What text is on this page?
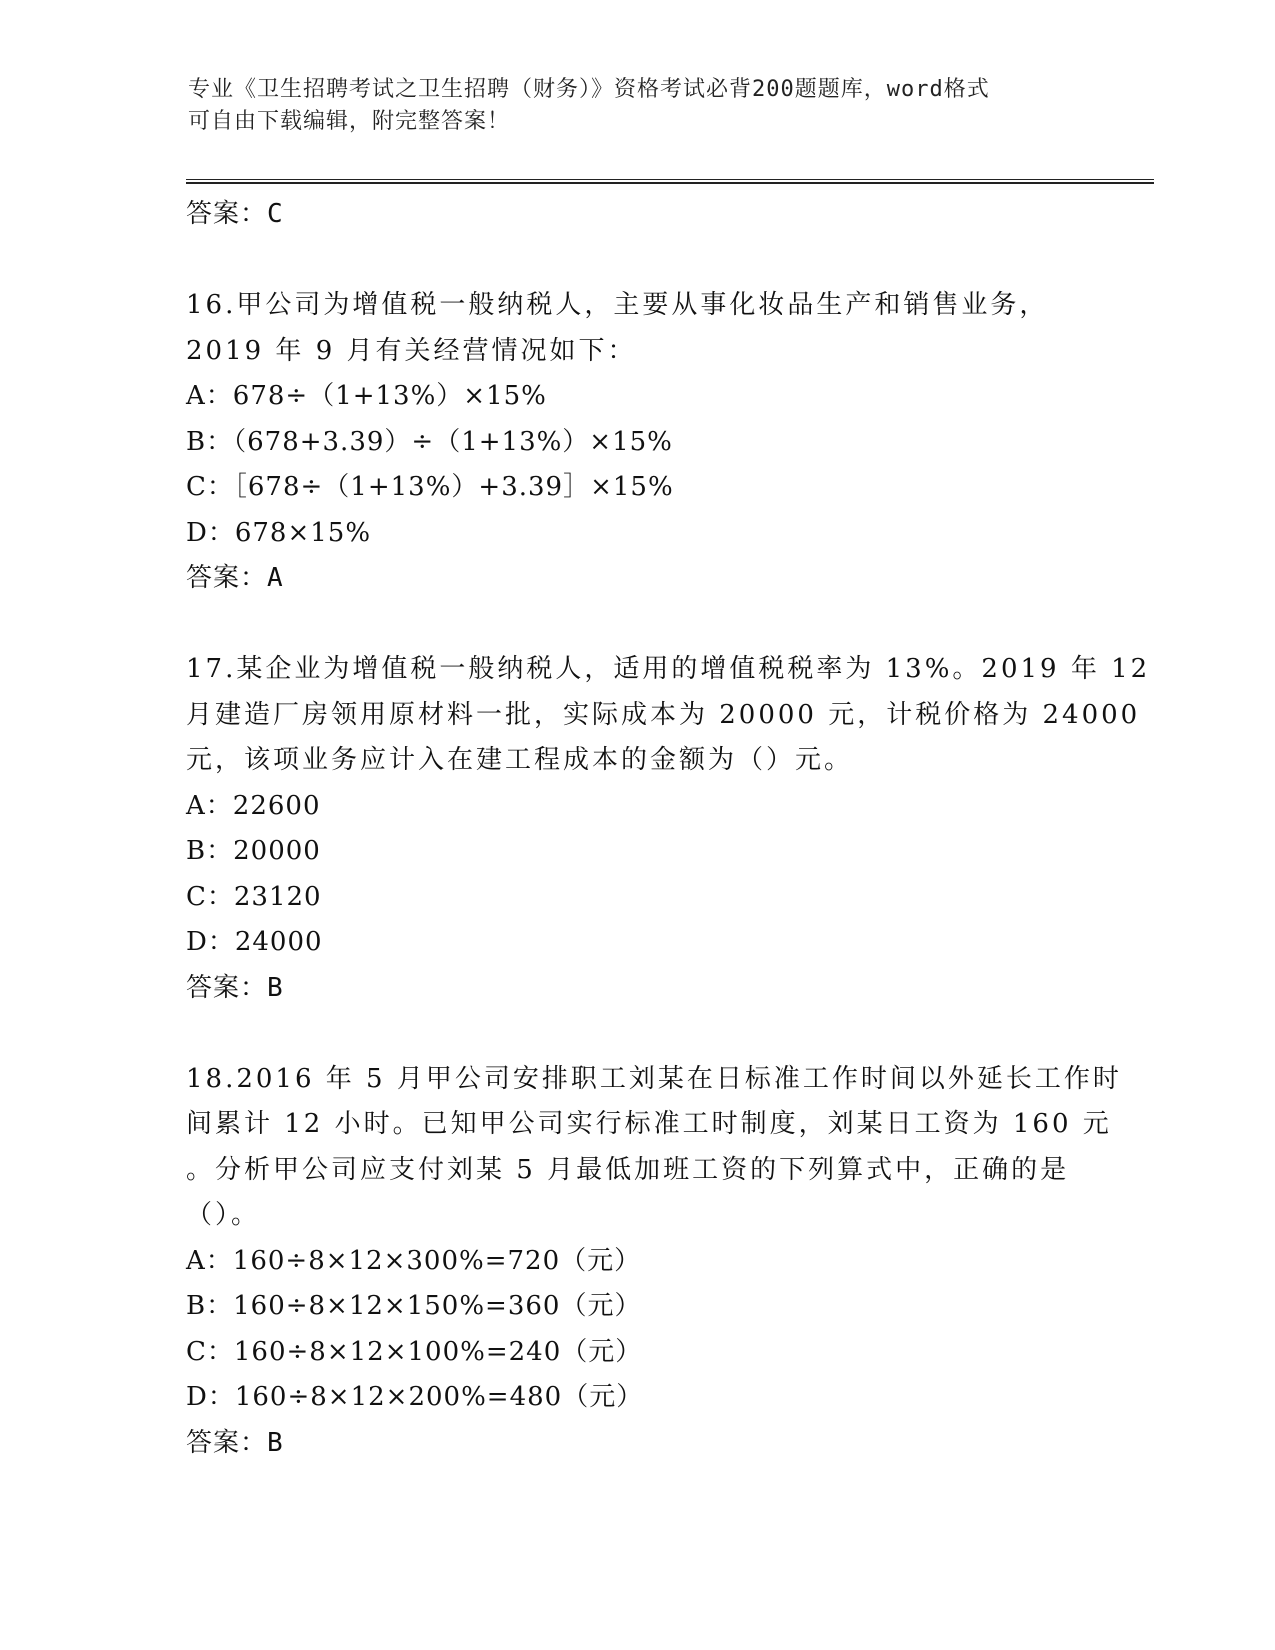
专业《卫生招聘考试之卫生招聘（财务）》资格考试必背200题题库，word格式
可自由下载编辑，附完整答案！
答案：C
16.甲公司为增值税一般纳税人，主要从事化妆品生产和销售业务，
2019 年 9 月有关经营情况如下：
A：678÷（1+13%）×15%
B：（678+3.39）÷（1+13%）×15%
C：［678÷（1+13%）+3.39］×15%
D：678×15%
答案：A
17.某企业为增值税一般纳税人，适用的增值税税率为 13%。2019 年 12
月建造厂房领用原材料一批，实际成本为 20000 元，计税价格为 24000
元，该项业务应计入在建工程成本的金额为（）元。
A：22600
B：20000
C：23120
D：24000
答案：B
18.2016 年 5 月甲公司安排职工刘某在日标准工作时间以外延长工作时
间累计 12 小时。已知甲公司实行标准工时制度，刘某日工资为 160 元
。分析甲公司应支付刘某 5 月最低加班工资的下列算式中，正确的是
（）。
A：160÷8×12×300%=720（元）
B：160÷8×12×150%=360（元）
C：160÷8×12×100%=240（元）
D：160÷8×12×200%=480（元）
答案：B
